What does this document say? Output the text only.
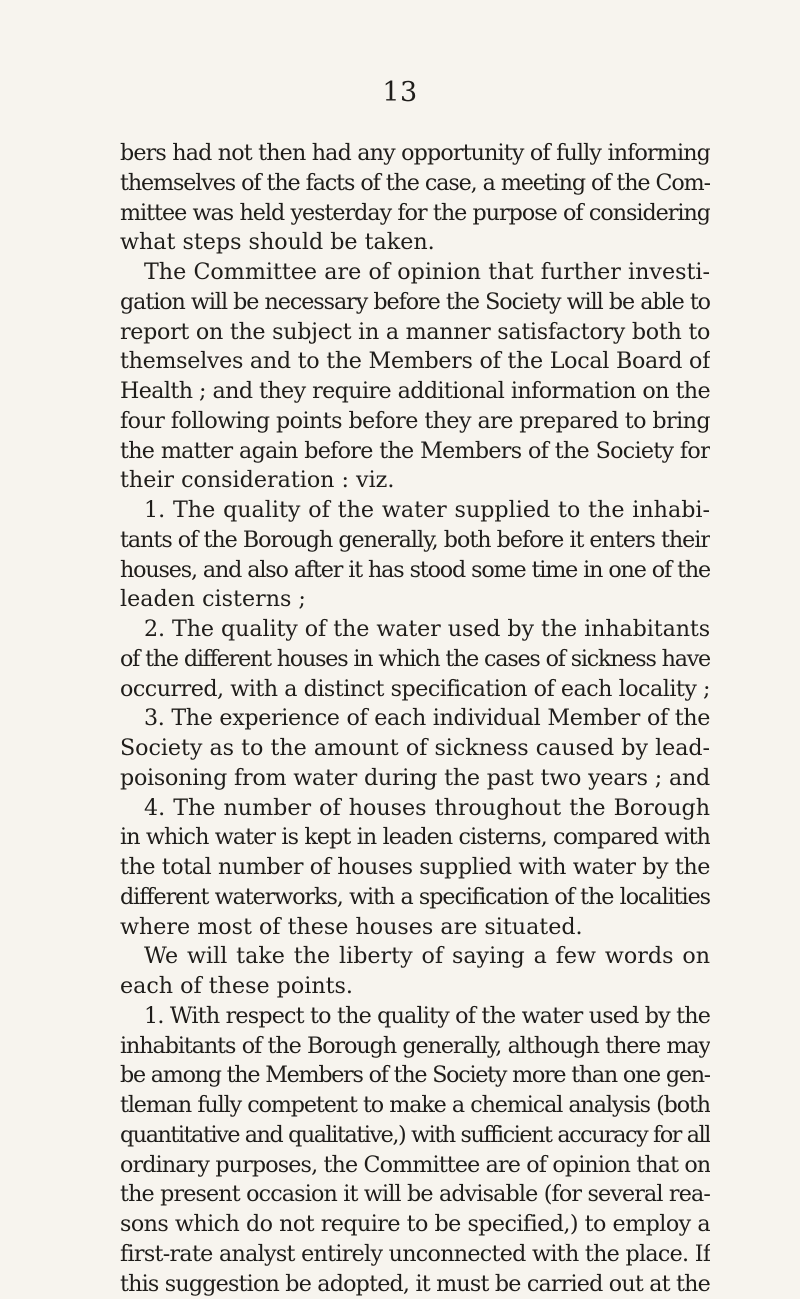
13
bers had not then had any opportunity of fully informing
themselves of the facts of the case, a meeting of the Com-
mittee was held yesterday for the purpose of considering
what steps should be taken.
The Committee are of opinion that further investi-
gation will be necessary before the Society will be able to
report on the subject in a manner satisfactory both to
themselves and to the Members of the Local Board of
Health ; and they require additional information on the
four following points before they are prepared to bring
the matter again before the Members of the Society for
their consideration : viz.
1. The quality of the water supplied to the inhabi-
tants of the Borough generally, both before it enters their
houses, and also after it has stood some time in one of the
leaden cisterns ;
2. The quality of the water used by the inhabitants
of the different houses in which the cases of sickness have
occurred, with a distinct specification of each locality ;
3. The experience of each individual Member of the
Society as to the amount of sickness caused by lead-
poisoning from water during the past two years ; and
4. The number of houses throughout the Borough
in which water is kept in leaden cisterns, compared with
the total number of houses supplied with water by the
different waterworks, with a specification of the localities
where most of these houses are situated.
We will take the liberty of saying a few words on
each of these points.
1. With respect to the quality of the water used by the
inhabitants of the Borough generally, although there may
be among the Members of the Society more than one gen-
tleman fully competent to make a chemical analysis (both
quantitative and qualitative,) with sufficient accuracy for all
ordinary purposes, the Committee are of opinion that on
the present occasion it will be advisable (for several rea-
sons which do not require to be specified,) to employ a
first-rate analyst entirely unconnected with the place. If
this suggestion be adopted, it must be carried out at the
